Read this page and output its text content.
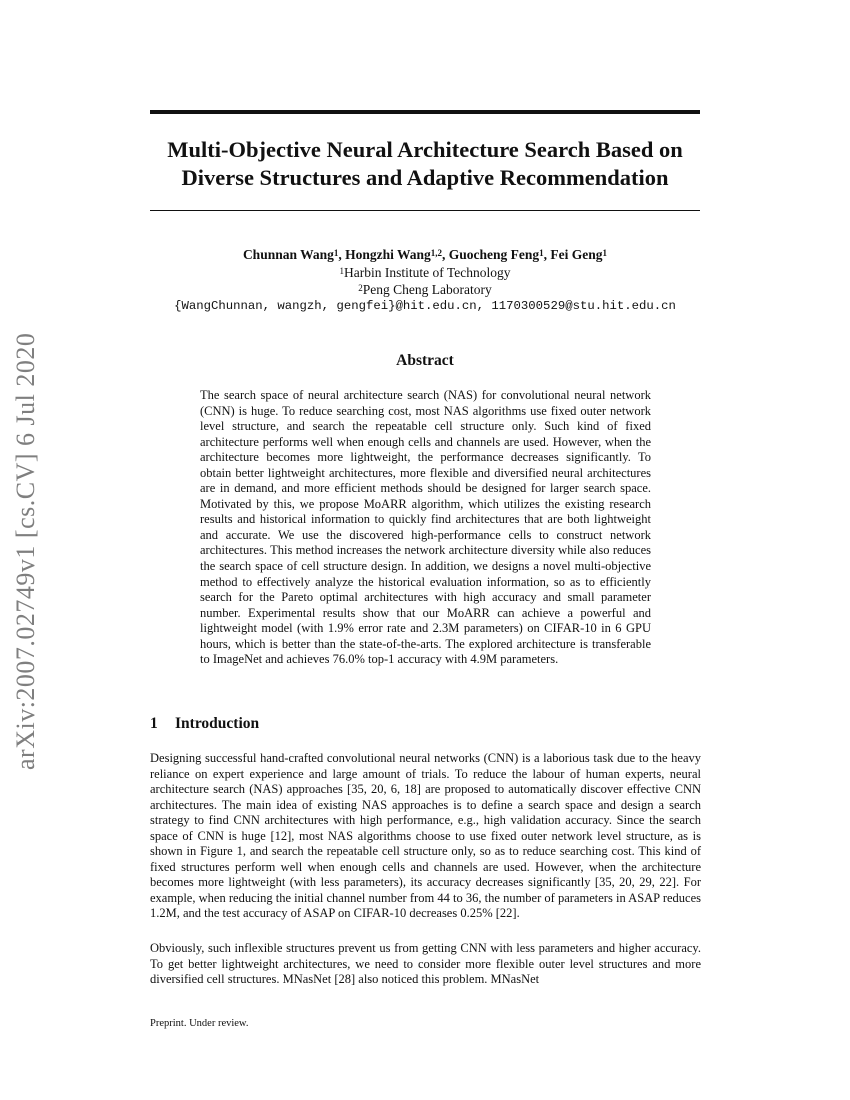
arXiv:2007.02749v1 [cs.CV] 6 Jul 2020
Multi-Objective Neural Architecture Search Based on
Diverse Structures and Adaptive Recommendation
Chunnan Wang$^1$, Hongzhi Wang$^{1,2}$, Guocheng Feng$^1$, Fei Geng$^1$
$^1$Harbin Institute of Technology
$^2$Peng Cheng Laboratory
{WangChunnan, wangzh, gengfei}@hit.edu.cn, 1170300529@stu.hit.edu.cn
Abstract
The search space of neural architecture search (NAS) for convolutional neural network (CNN) is huge. To reduce searching cost, most NAS algorithms use fixed outer network level structure, and search the repeatable cell structure only. Such kind of fixed architecture performs well when enough cells and channels are used. However, when the architecture becomes more lightweight, the performance decreases significantly. To obtain better lightweight architectures, more flexible and diversified neural architectures are in demand, and more efficient methods should be designed for larger search space. Motivated by this, we propose MoARR algorithm, which utilizes the existing research results and historical information to quickly find architectures that are both lightweight and accurate. We use the discovered high-performance cells to construct network architectures. This method increases the network architecture diversity while also reduces the search space of cell structure design. In addition, we designs a novel multi-objective method to effectively analyze the historical evaluation information, so as to efficiently search for the Pareto optimal architectures with high accuracy and small parameter number. Experimental results show that our MoARR can achieve a powerful and lightweight model (with 1.9% error rate and 2.3M parameters) on CIFAR-10 in 6 GPU hours, which is better than the state-of-the-arts. The explored architecture is transferable to ImageNet and achieves 76.0% top-1 accuracy with 4.9M parameters.
1 Introduction
Designing successful hand-crafted convolutional neural networks (CNN) is a laborious task due to the heavy reliance on expert experience and large amount of trials. To reduce the labour of human experts, neural architecture search (NAS) approaches [35, 20, 6, 18] are proposed to automatically discover effective CNN architectures. The main idea of existing NAS approaches is to define a search space and design a search strategy to find CNN architectures with high performance, e.g., high validation accuracy. Since the search space of CNN is huge [12], most NAS algorithms choose to use fixed outer network level structure, as is shown in Figure 1, and search the repeatable cell structure only, so as to reduce searching cost. This kind of fixed structures perform well when enough cells and channels are used. However, when the architecture becomes more lightweight (with less parameters), its accuracy decreases significantly [35, 20, 29, 22]. For example, when reducing the initial channel number from 44 to 36, the number of parameters in ASAP reduces 1.2M, and the test accuracy of ASAP on CIFAR-10 decreases 0.25% [22].
Obviously, such inflexible structures prevent us from getting CNN with less parameters and higher accuracy. To get better lightweight architectures, we need to consider more flexible outer level structures and more diversified cell structures. MNasNet [28] also noticed this problem. MNasNet
Preprint. Under review.
